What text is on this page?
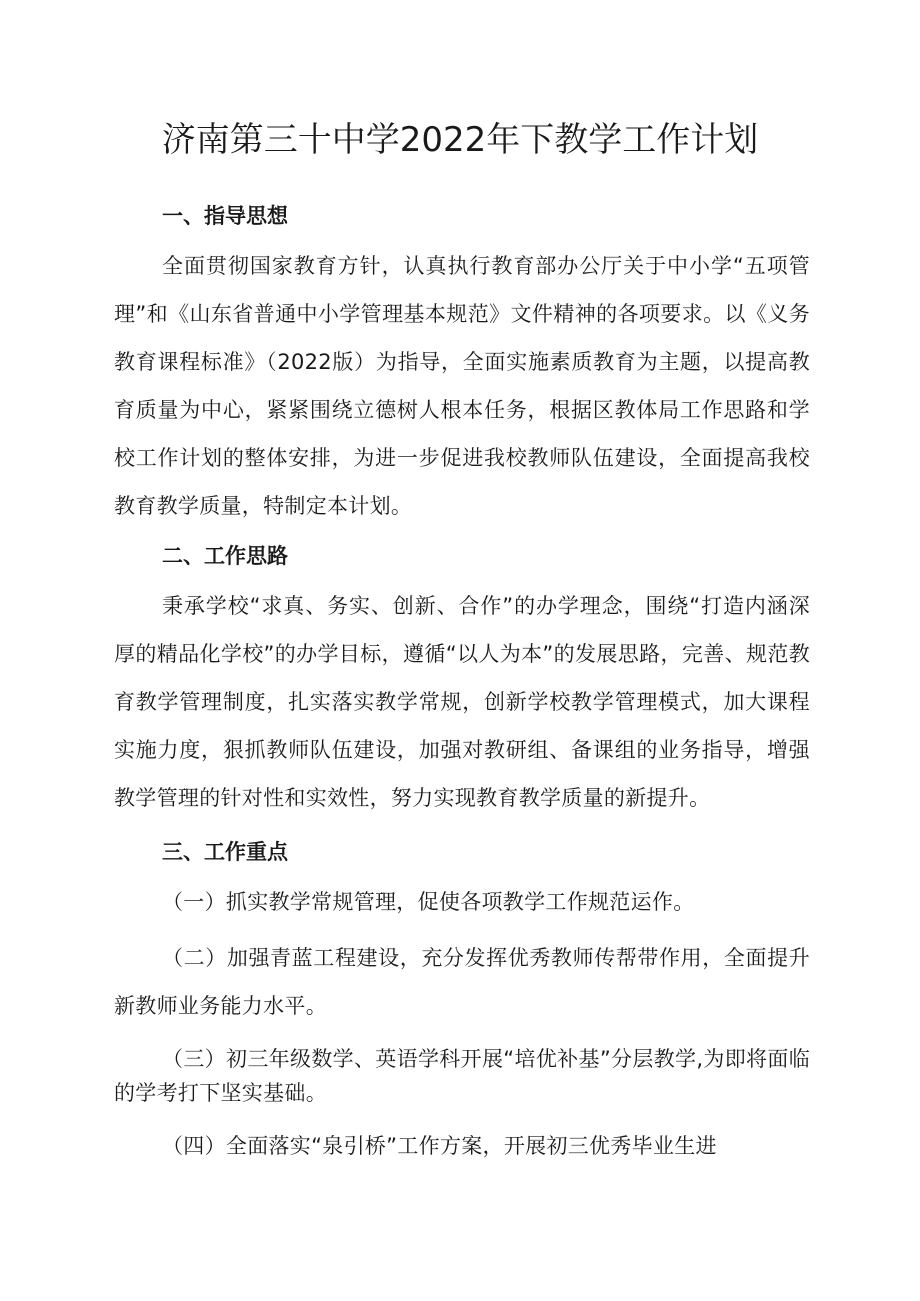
济南第三十中学2022年下教学工作计划
一、指导思想

全面贯彻国家教育方针，认真执行教育部办公厅关于中小学“五项管理”和《山东省普通中小学管理基本规范》文件精神的各项要求。以《义务教育课程标准》（2022版）为指导，全面实施素质教育为主题，以提高教育质量为中心，紧紧围绕立德树人根本任务，根据区教体局工作思路和学校工作计划的整体安排，为进一步促进我校教师队伍建设，全面提高我校教育教学质量，特制定本计划。

二、工作思路

秉承学校“求真、务实、创新、合作”的办学理念，围绕“打造内涵深厚的精品化学校”的办学目标，遵循“以人为本”的发展思路，完善、规范教育教学管理制度，扎实落实教学常规，创新学校教学管理模式，加大课程实施力度，狠抓教师队伍建设，加强对教研组、备课组的业务指导，增强教学管理的针对性和实效性，努力实现教育教学质量的新提升。

三、工作重点

（一）抓实教学常规管理，促使各项教学工作规范运作。

（二）加强青蓝工程建设，充分发挥优秀教师传帮带作用，全面提升新教师业务能力水平。

（三）初三年级数学、英语学科开展“培优补基”分层教学,为即将面临的学考打下坚实基础。

（四）全面落实“泉引桥”工作方案，开展初三优秀毕业生进
